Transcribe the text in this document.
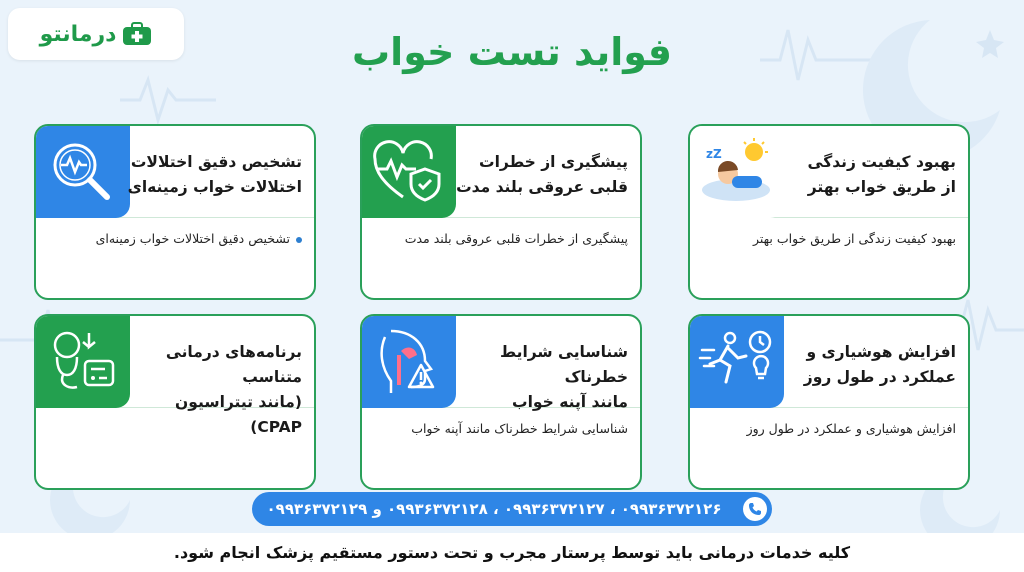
درمانتو	فواید تست خواب
zZ	بهبود کیفیت زندگی
از طریق خواب بهتر
بهبود کیفیت زندگی از طریق خواب بهتر
پیشگیری از خطرات
قلبی عروقی بلند مدت
پیشگیری از خطرات قلبی عروقی بلند مدت
تشخیص دقیق اختلالات
اختلالات خواب زمینه‌ای
تشخیص دقیق اختلالات خواب زمینه‌ای
افزایش هوشیاری و
عملکرد در طول روز
افزایش هوشیاری و عملکرد در طول روز
شناسایی شرایط خطرناک
مانند آپنه خواب
شناسایی شرایط خطرناک مانند آپنه خواب
برنامه‌های درمانی متناسب
(مانند تیتراسیون CPAP)
۰۹۹۳۶۳۷۲۱۲۶ ، ۰۹۹۳۶۳۷۲۱۲۷ ، ۰۹۹۳۶۳۷۲۱۲۸ و ۰۹۹۳۶۳۷۲۱۲۹
کلیه خدمات درمانی باید توسط پرستار مجرب و تحت دستور مستقیم پزشک انجام شود.
